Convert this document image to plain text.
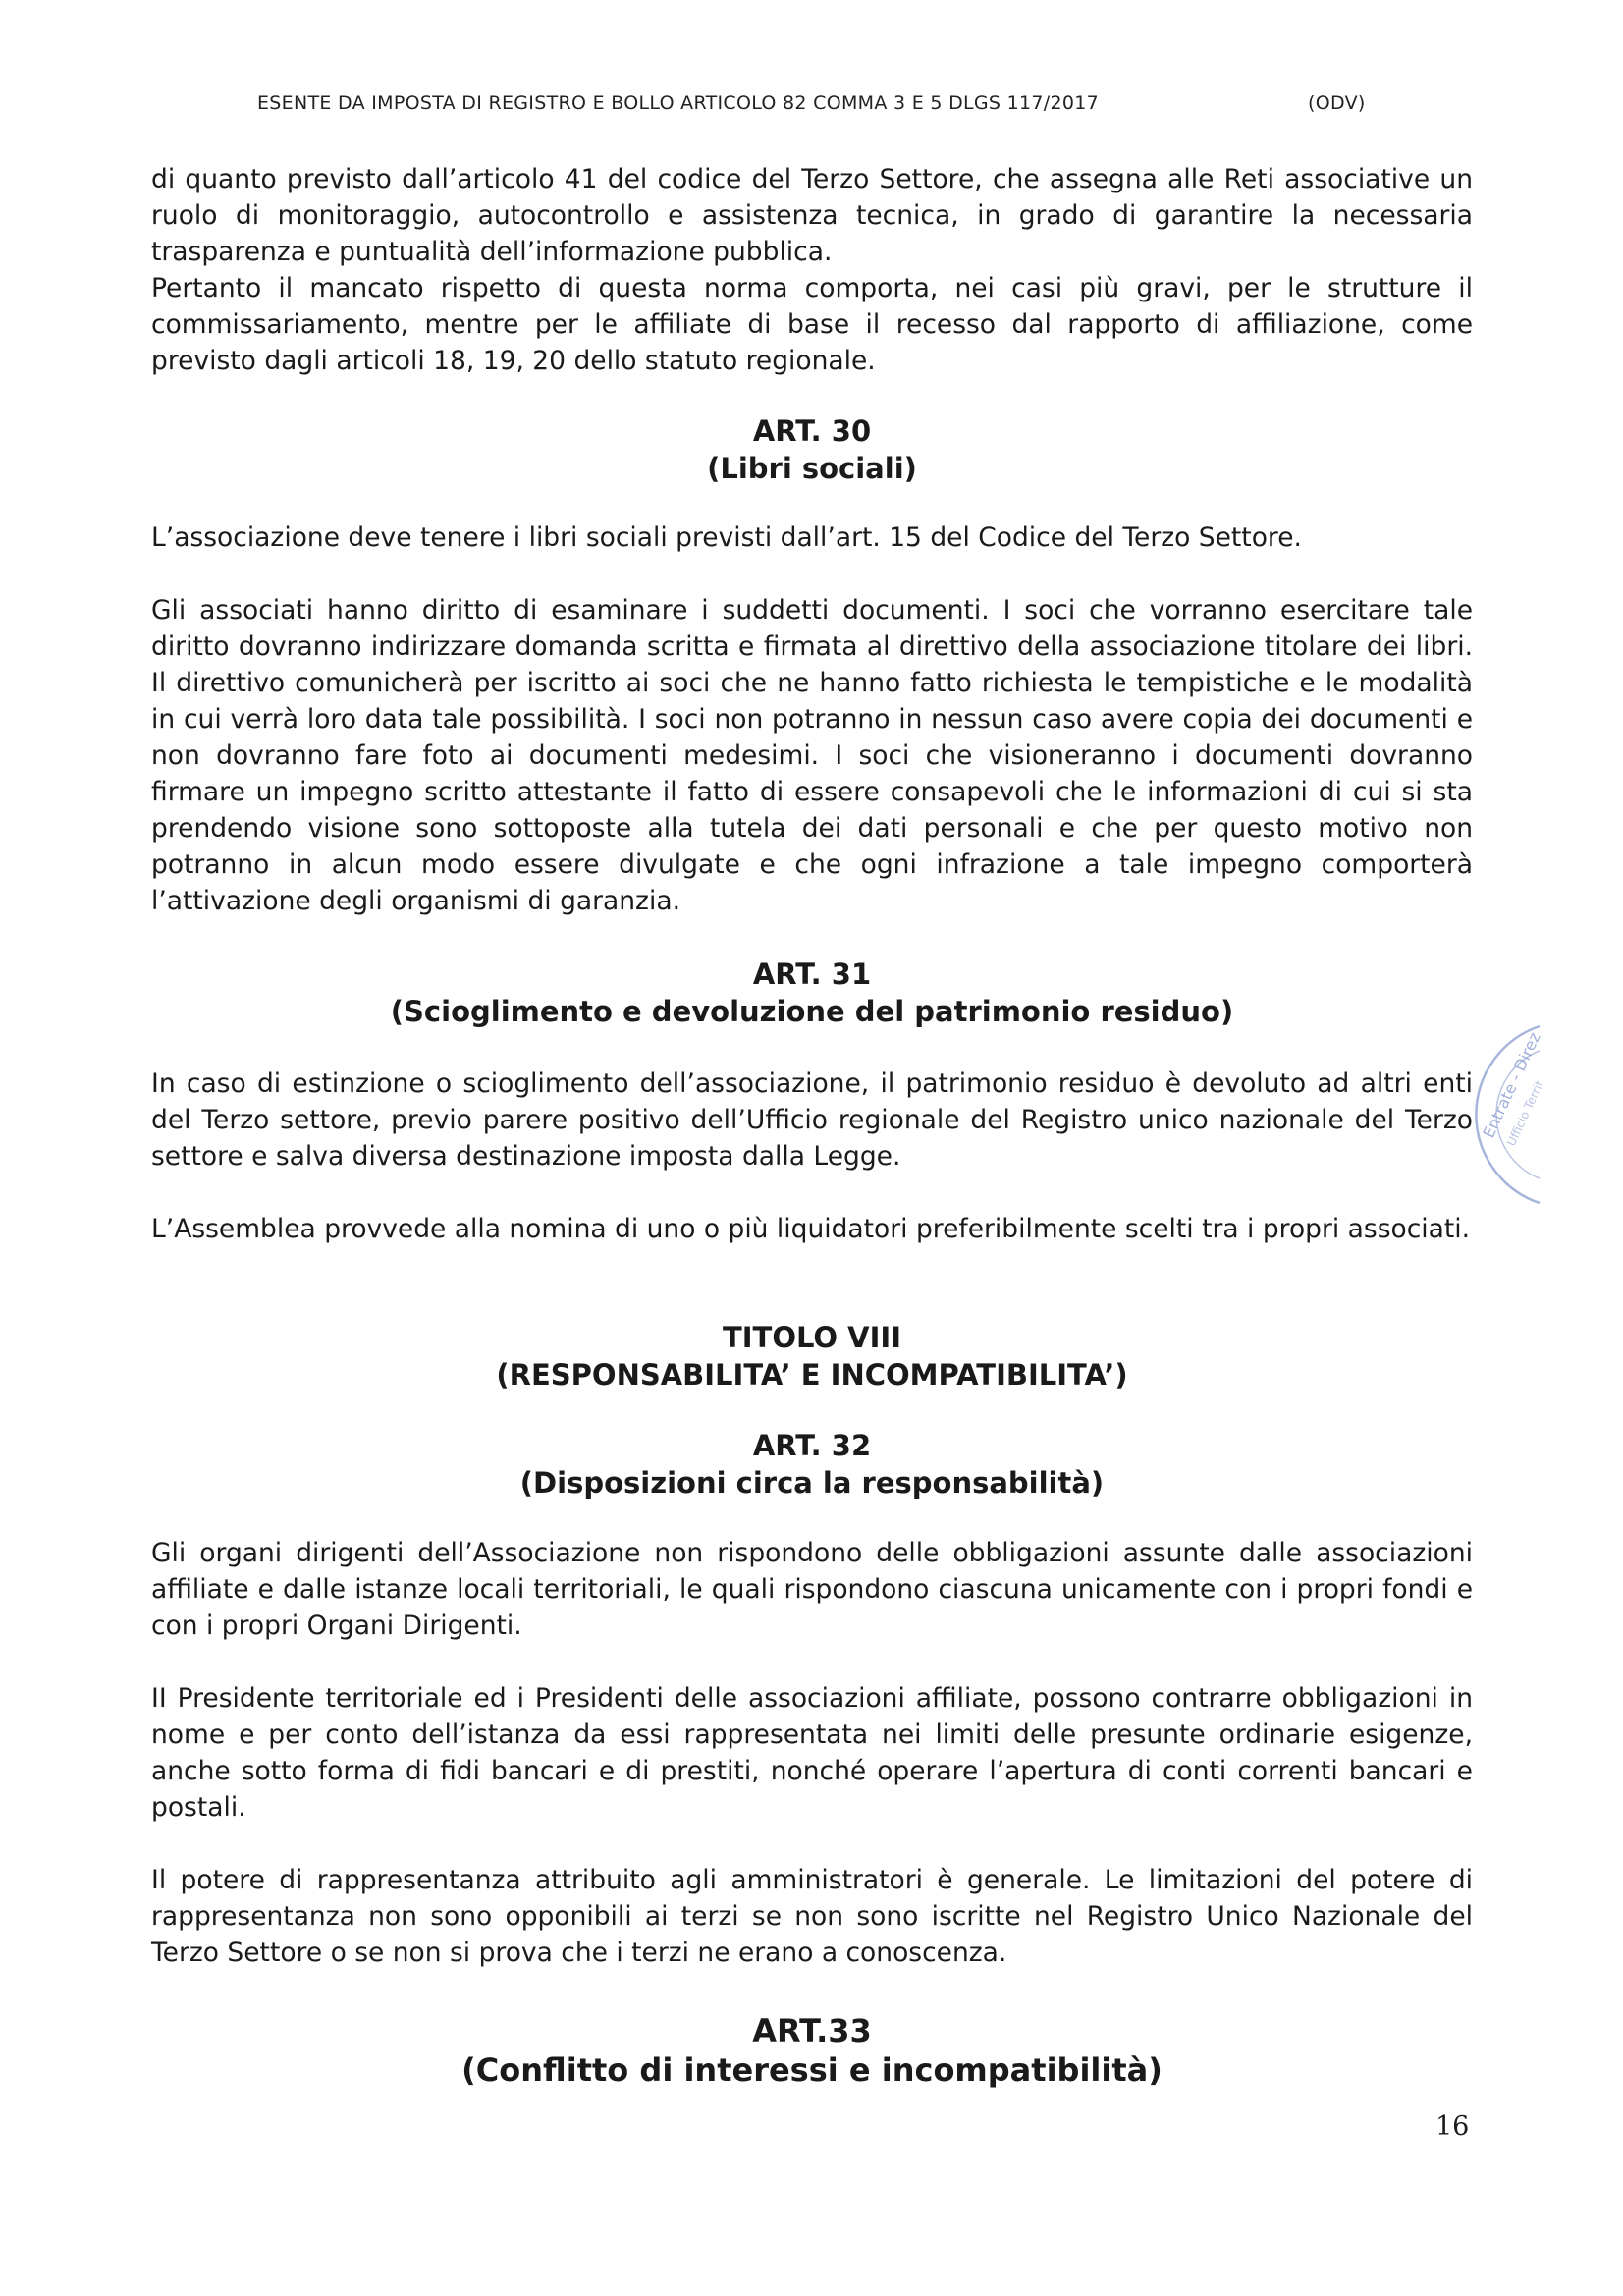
ESENTE DA IMPOSTA DI REGISTRO E BOLLO ARTICOLO 82 COMMA 3 E 5 DLGS 117/2017	(ODV)

di quanto previsto dall’articolo 41 del codice del Terzo Settore, che assegna alle Reti associative un ruolo di monitoraggio, autocontrollo e assistenza tecnica, in grado di garantire la necessaria trasparenza e puntualità dell’informazione pubblica.

Pertanto il mancato rispetto di questa norma comporta, nei casi più gravi, per le strutture il commissariamento, mentre per le affiliate di base il recesso dal rapporto di affiliazione, come previsto dagli articoli 18, 19, 20 dello statuto regionale.

ART. 30
(Libri sociali)

L’associazione deve tenere i libri sociali previsti dall’art. 15 del Codice del Terzo Settore.

Gli associati hanno diritto di esaminare i suddetti documenti. I soci che vorranno esercitare tale diritto dovranno indirizzare domanda scritta e firmata al direttivo della associazione titolare dei libri. Il direttivo comunicherà per iscritto ai soci che ne hanno fatto richiesta le tempistiche e le modalità in cui verrà loro data tale possibilità. I soci non potranno in nessun caso avere copia dei documenti e non dovranno fare foto ai documenti medesimi. I soci che visioneranno i documenti dovranno firmare un impegno scritto attestante il fatto di essere consapevoli che le informazioni di cui si sta prendendo visione sono sottoposte alla tutela dei dati personali e che per questo motivo non potranno in alcun modo essere divulgate e che ogni infrazione a tale impegno comporterà l’attivazione degli organismi di garanzia.

ART. 31
(Scioglimento e devoluzione del patrimonio residuo)

In caso di estinzione o scioglimento dell’associazione, il patrimonio residuo è devoluto ad altri enti del Terzo settore, previo parere positivo dell’Ufficio regionale del Registro unico nazionale del Terzo settore e salva diversa destinazione imposta dalla Legge.

L’Assemblea provvede alla nomina di uno o più liquidatori preferibilmente scelti tra i propri associati.

TITOLO VIII
(RESPONSABILITA’ E INCOMPATIBILITA’)
ART. 32
(Disposizioni circa la responsabilità)

Gli organi dirigenti dell’Associazione non rispondono delle obbligazioni assunte dalle associazioni affiliate e dalle istanze locali territoriali, le quali rispondono ciascuna unicamente con i propri fondi e con i propri Organi Dirigenti.

II Presidente territoriale ed i Presidenti delle associazioni affiliate, possono contrarre obbligazioni in nome e per conto dell’istanza da essi rappresentata nei limiti delle presunte ordinarie esigenze, anche sotto forma di fidi bancari e di prestiti, nonché operare l’apertura di conti correnti bancari e postali.

Il potere di rappresentanza attribuito agli amministratori è generale. Le limitazioni del potere di rappresentanza non sono opponibili ai terzi se non sono iscritte nel Registro Unico Nazionale del Terzo Settore o se non si prova che i terzi ne erano a conoscenza.

ART.33
(Conflitto di interessi e incompatibilità)
Entrate - Direz
Ufficio Territ
16
